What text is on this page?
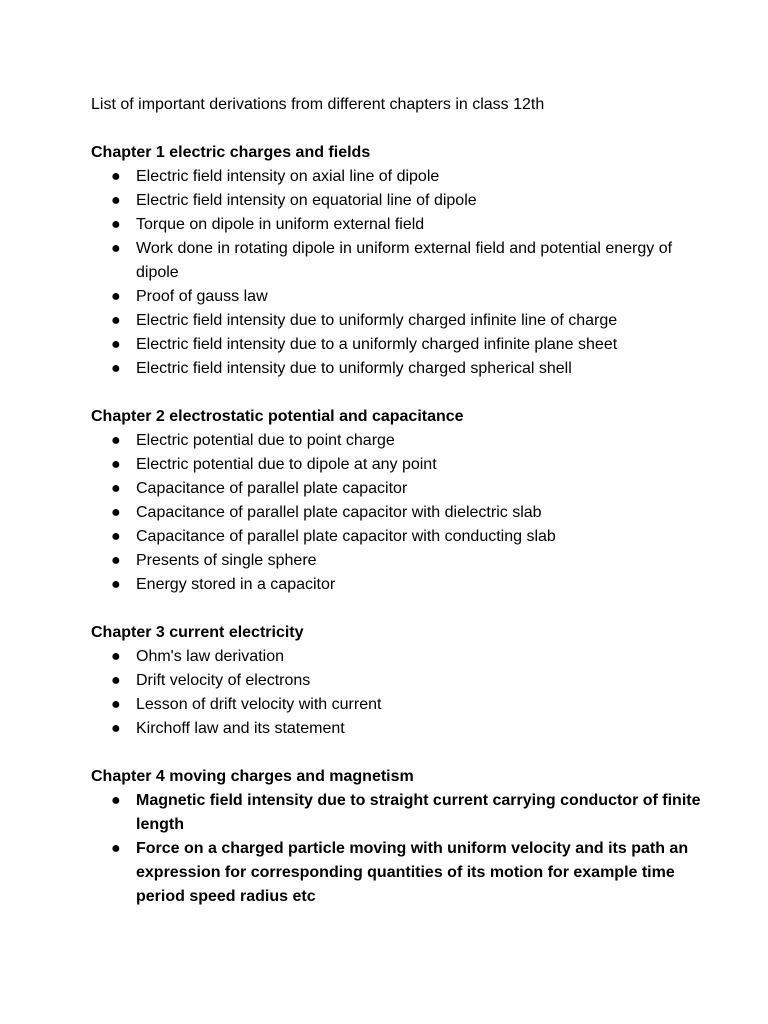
List of important derivations from different chapters in class 12th

Chapter 1 electric charges and fields

● Electric field intensity on axial line of dipole
● Electric field intensity on equatorial line of dipole
● Torque on dipole in uniform external field
● Work done in rotating dipole in uniform external field and potential energy of dipole
● Proof of gauss law
● Electric field intensity due to uniformly charged infinite line of charge
● Electric field intensity due to a uniformly charged infinite plane sheet
● Electric field intensity due to uniformly charged spherical shell

Chapter 2 electrostatic potential and capacitance

● Electric potential due to point charge
● Electric potential due to dipole at any point
● Capacitance of parallel plate capacitor
● Capacitance of parallel plate capacitor with dielectric slab
● Capacitance of parallel plate capacitor with conducting slab
● Presents of single sphere
● Energy stored in a capacitor

Chapter 3 current electricity

● Ohm's law derivation
● Drift velocity of electrons
● Lesson of drift velocity with current
● Kirchoff law and its statement

Chapter 4 moving charges and magnetism

● Magnetic field intensity due to straight current carrying conductor of finite length
● Force on a charged particle moving with uniform velocity and its path an expression for corresponding quantities of its motion for example time period speed radius etc
